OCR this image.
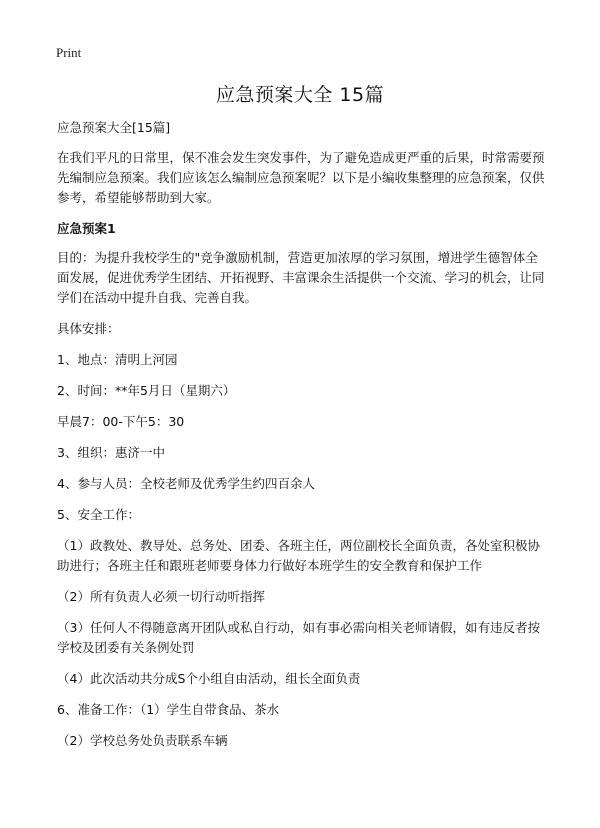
Print
应急预案大全 15篇

应急预案大全[15篇]

在我们平凡的日常里，保不准会发生突发事件，为了避免造成更严重的后果，时常需要预先编制应急预案。我们应该怎么编制应急预案呢？以下是小编收集整理的应急预案，仅供参考，希望能够帮助到大家。

应急预案1

目的：为提升我校学生的"竞争激励机制，营造更加浓厚的学习氛围，增进学生德智体全面发展，促进优秀学生团结、开拓视野、丰富课余生活提供一个交流、学习的机会，让同学们在活动中提升自我、完善自我。

具体安排：

1、地点：清明上河园

2、时间：**年5月日（星期六）

早晨7：00-下午5：30

3、组织：惠济一中

4、参与人员：全校老师及优秀学生约四百余人

5、安全工作：

（1）政教处、教导处、总务处、团委、各班主任，两位副校长全面负责，各处室积极协助进行；各班主任和跟班老师要身体力行做好本班学生的安全教育和保护工作

（2）所有负责人必须一切行动听指挥

（3）任何人不得随意离开团队或私自行动，如有事必需向相关老师请假，如有违反者按学校及团委有关条例处罚

（4）此次活动共分成S个小组自由活动，组长全面负责

6、准备工作：（1）学生自带食品、茶水

（2）学校总务处负责联系车辆
